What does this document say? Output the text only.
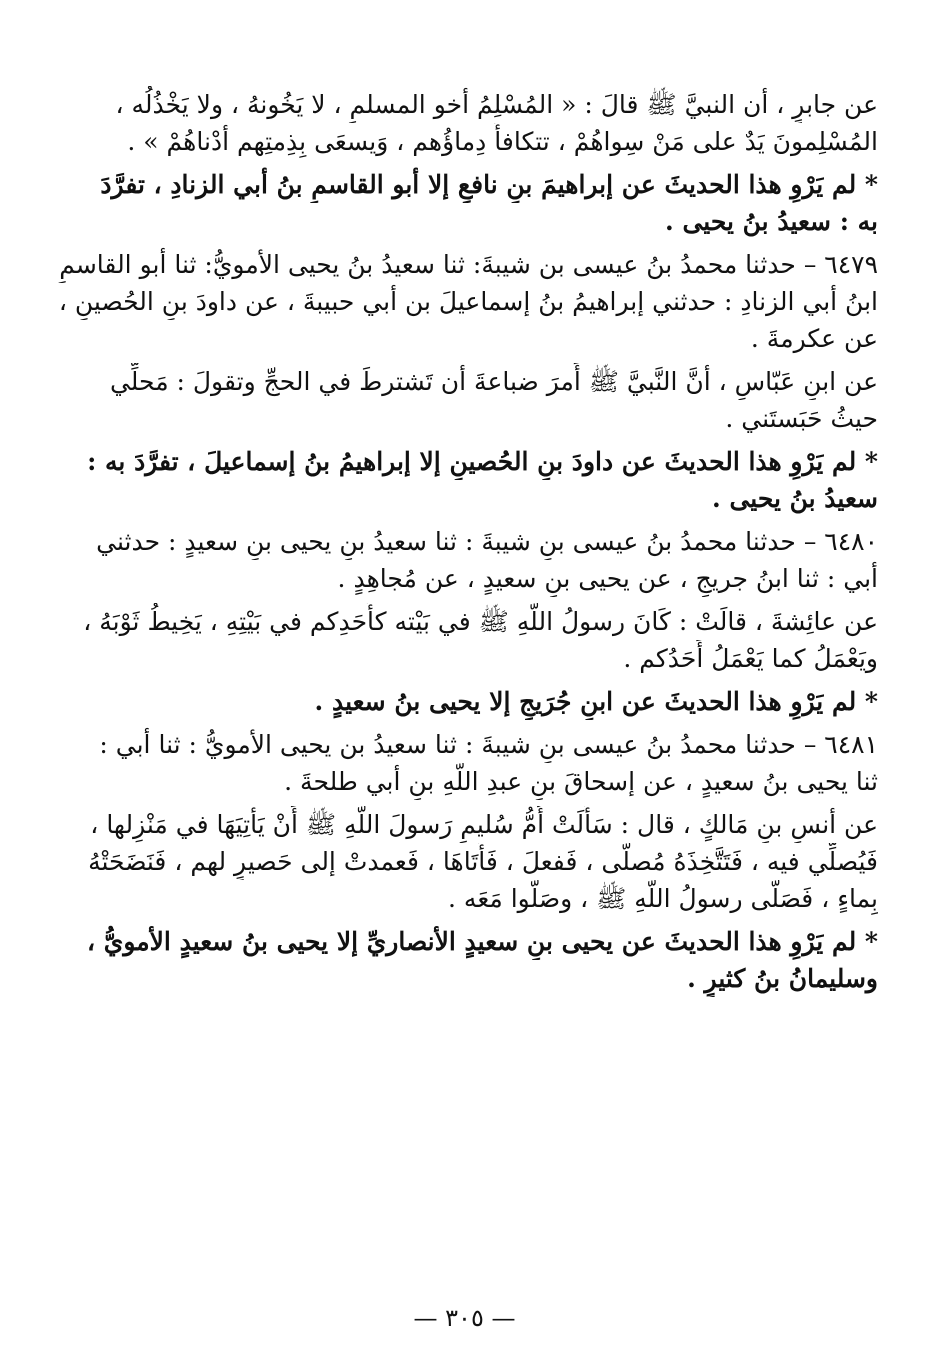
عن جابرٍ ، أن النبيَّ ﷺ قالَ : « المُسْلِمُ أخو المسلمِ ، لا يَخُونهُ ، ولا يَخْذُلُه ،
المُسْلِمونَ يَدٌ على مَنْ سِواهُمْ ، تتكافأُ دِماؤُهم ، وَيسعَى بِذِمتِهم أدْناهُمْ » .
* لم يَرْوِ هذا الحديثَ عن إبراهيمَ بنِ نافعٍ إلا أبو القاسمِ بنُ أبي الزنادِ ، تفرَّدَ
به : سعيدُ بنُ يحيى .
٦٤٧٩ – حدثنا محمدُ بنُ عيسى بن شيبةَ: ثنا سعيدُ بنُ يحيى الأمويُّ: ثنا أبو القاسمِ
ابنُ أبي الزنادِ : حدثني إبراهيمُ بنُ إسماعيلَ بن أبي حبيبةَ ، عن داودَ بنِ الحُصينِ ،
عن عكرمةَ .
عن ابنِ عَبّاسٍ ، أنَّ النَّبيَّ ﷺ أَمرَ ضباعةَ أن تَشترطَ في الحجِّ وتقولَ : مَحلِّي
حيثُ حَبَستَني .
* لم يَرْوِ هذا الحديثَ عن داودَ بنِ الحُصينِ إلا إبراهيمُ بنُ إسماعيلَ ، تفرَّدَ به :
سعيدُ بنُ يحيى .
٦٤٨٠ – حدثنا محمدُ بنُ عيسى بنِ شيبةَ : ثنا سعيدُ بنِ يحيى بنِ سعيدٍ : حدثني
أبي : ثنا ابنُ جريجٍ ، عن يحيى بنِ سعيدٍ ، عن مُجاهِدٍ .
عن عائِشةَ ، قالَتْ : كَانَ رسولُ اللَّهِ ﷺ في بَيْته كأَحَدِكم في بَيْتِهِ ، يَخِيطُ ثَوْبَهُ ،
ويَعْمَلُ كما يَعْمَلُ أَحَدُكم .
* لم يَرْوِ هذا الحديثَ عن ابنِ جُرَيجٍ إلا يحيى بنُ سعيدٍ .
٦٤٨١ – حدثنا محمدُ بنُ عيسى بنِ شيبةَ : ثنا سعيدُ بن يحيى الأمويُّ : ثنا أبي :
ثنا يحيى بنُ سعيدٍ ، عن إسحاقَ بنِ عبدِ اللَّهِ بنِ أبي طلحةَ .
عن أنسِ بنِ مَالكٍ ، قال : سَأَلَتْ أُمُّ سُليمٍ رَسولَ اللَّهِ ﷺ أَنْ يَأْتِيَهَا في مَنْزِلها ،
فَيُصلِّي فيه ، فَتَتَّخِذَهُ مُصلًّى ، فَفعلَ ، فَأَتَاهَا ، فَعمدتْ إلى حَصيرٍ لهم ، فَنَضَحَتْهُ
بِماءٍ ، فَصَلَّى رسولُ اللَّهِ ﷺ ، وصَلُّوا مَعَه .
* لم يَرْوِ هذا الحديثَ عن يحيى بنِ سعيدٍ الأنصاريِّ إلا يحيى بنُ سعيدٍ الأمويُّ ،
وسليمانُ بنُ كثيرٍ .
— ٣٠٥ —
